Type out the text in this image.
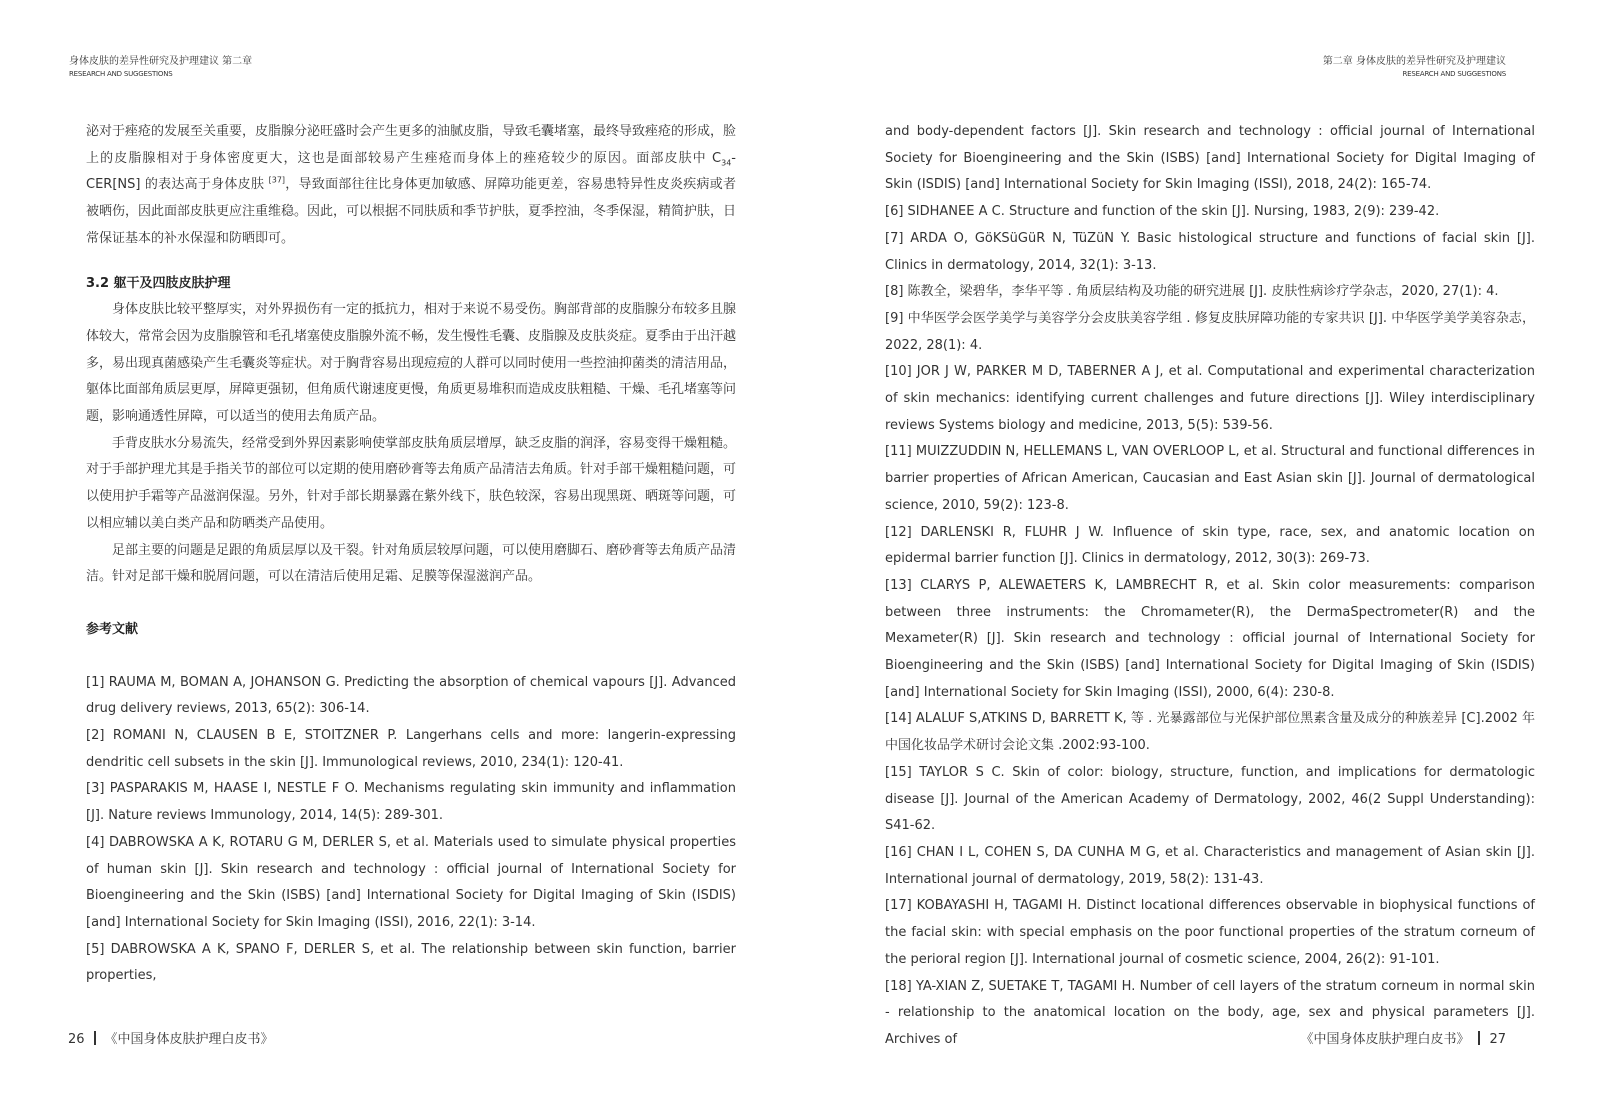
身体皮肤的差异性研究及护理建议 第二章
RESEARCH AND SUGGESTIONS
第二章 身体皮肤的差异性研究及护理建议
RESEARCH AND SUGGESTIONS

泌对于痤疮的发展至关重要，皮脂腺分泌旺盛时会产生更多的油腻皮脂，导致毛囊堵塞，最终导致痤疮的形成，脸上的皮脂腺相对于身体密度更大，这也是面部较易产生痤疮而身体上的痤疮较少的原因。面部皮肤中 $C_{34}-CER[NS]$ 的表达高于身体皮肤 [37]，导致面部往往比身体更加敏感、屏障功能更差，容易患特异性皮炎疾病或者被晒伤，因此面部皮肤更应注重维稳。因此，可以根据不同肤质和季节护肤，夏季控油，冬季保湿，精简护肤，日常保证基本的补水保湿和防晒即可。

3.2 躯干及四肢皮肤护理

身体皮肤比较平整厚实，对外界损伤有一定的抵抗力，相对于来说不易受伤。胸部背部的皮脂腺分布较多且腺体较大，常常会因为皮脂腺管和毛孔堵塞使皮脂腺外流不畅，发生慢性毛囊、皮脂腺及皮肤炎症。夏季由于出汗越多，易出现真菌感染产生毛囊炎等症状。对于胸背容易出现痘痘的人群可以同时使用一些控油抑菌类的清洁用品，躯体比面部角质层更厚，屏障更强韧，但角质代谢速度更慢，角质更易堆积而造成皮肤粗糙、干燥、毛孔堵塞等问题，影响通透性屏障，可以适当的使用去角质产品。

手背皮肤水分易流失，经常受到外界因素影响使掌部皮肤角质层增厚，缺乏皮脂的润泽，容易变得干燥粗糙。对于手部护理尤其是手指关节的部位可以定期的使用磨砂膏等去角质产品清洁去角质。针对手部干燥粗糙问题，可以使用护手霜等产品滋润保湿。另外，针对手部长期暴露在紫外线下，肤色较深，容易出现黑斑、晒斑等问题，可以相应辅以美白类产品和防晒类产品使用。

足部主要的问题是足跟的角质层厚以及干裂。针对角质层较厚问题，可以使用磨脚石、磨砂膏等去角质产品清洁。针对足部干燥和脱屑问题，可以在清洁后使用足霜、足膜等保湿滋润产品。

参考文献

[1] RAUMA M, BOMAN A, JOHANSON G. Predicting the absorption of chemical vapours [J]. Advanced drug delivery reviews, 2013, 65(2): 306-14.

[2] ROMANI N, CLAUSEN B E, STOITZNER P. Langerhans cells and more: langerin-expressing dendritic cell subsets in the skin [J]. Immunological reviews, 2010, 234(1): 120-41.

[3] PASPARAKIS M, HAASE I, NESTLE F O. Mechanisms regulating skin immunity and inflammation [J]. Nature reviews Immunology, 2014, 14(5): 289-301.

[4] DABROWSKA A K, ROTARU G M, DERLER S, et al. Materials used to simulate physical properties of human skin [J]. Skin research and technology : official journal of International Society for Bioengineering and the Skin (ISBS) [and] International Society for Digital Imaging of Skin (ISDIS) [and] International Society for Skin Imaging (ISSI), 2016, 22(1): 3-14.

[5] DABROWSKA A K, SPANO F, DERLER S, et al. The relationship between skin function, barrier properties,

and body-dependent factors [J]. Skin research and technology : official journal of International Society for Bioengineering and the Skin (ISBS) [and] International Society for Digital Imaging of Skin (ISDIS) [and] International Society for Skin Imaging (ISSI), 2018, 24(2): 165-74.

[6] SIDHANEE A C. Structure and function of the skin [J]. Nursing, 1983, 2(9): 239-42.

[7] ARDA O, GöKSüGüR N, TüZüN Y. Basic histological structure and functions of facial skin [J]. Clinics in dermatology, 2014, 32(1): 3-13.

[8] 陈教全，梁碧华，李华平等 . 角质层结构及功能的研究进展 [J]. 皮肤性病诊疗学杂志，2020, 27(1): 4.

[9] 中华医学会医学美学与美容学分会皮肤美容学组 . 修复皮肤屏障功能的专家共识 [J]. 中华医学美学美容杂志，2022, 28(1): 4.

[10] JOR J W, PARKER M D, TABERNER A J, et al. Computational and experimental characterization of skin mechanics: identifying current challenges and future directions [J]. Wiley interdisciplinary reviews Systems biology and medicine, 2013, 5(5): 539-56.

[11] MUIZZUDDIN N, HELLEMANS L, VAN OVERLOOP L, et al. Structural and functional differences in barrier properties of African American, Caucasian and East Asian skin [J]. Journal of dermatological science, 2010, 59(2): 123-8.

[12] DARLENSKI R, FLUHR J W. Influence of skin type, race, sex, and anatomic location on epidermal barrier function [J]. Clinics in dermatology, 2012, 30(3): 269-73.

[13] CLARYS P, ALEWAETERS K, LAMBRECHT R, et al. Skin color measurements: comparison between three instruments: the Chromameter(R), the DermaSpectrometer(R) and the Mexameter(R) [J]. Skin research and technology : official journal of International Society for Bioengineering and the Skin (ISBS) [and] International Society for Digital Imaging of Skin (ISDIS) [and] International Society for Skin Imaging (ISSI), 2000, 6(4): 230-8.

[14] ALALUF S,ATKINS D, BARRETT K, 等 . 光暴露部位与光保护部位黑素含量及成分的种族差异 [C].2002 年中国化妆品学术研讨会论文集 .2002:93-100.

[15] TAYLOR S C. Skin of color: biology, structure, function, and implications for dermatologic disease [J]. Journal of the American Academy of Dermatology, 2002, 46(2 Suppl Understanding): S41-62.

[16] CHAN I L, COHEN S, DA CUNHA M G, et al. Characteristics and management of Asian skin [J]. International journal of dermatology, 2019, 58(2): 131-43.

[17] KOBAYASHI H, TAGAMI H. Distinct locational differences observable in biophysical functions of the facial skin: with special emphasis on the poor functional properties of the stratum corneum of the perioral region [J]. International journal of cosmetic science, 2004, 26(2): 91-101.

[18] YA-XIAN Z, SUETAKE T, TAGAMI H. Number of cell layers of the stratum corneum in normal skin - relationship to the anatomical location on the body, age, sex and physical parameters [J]. Archives of

26 《中国身体皮肤护理白皮书》	《中国身体皮肤护理白皮书》 27
